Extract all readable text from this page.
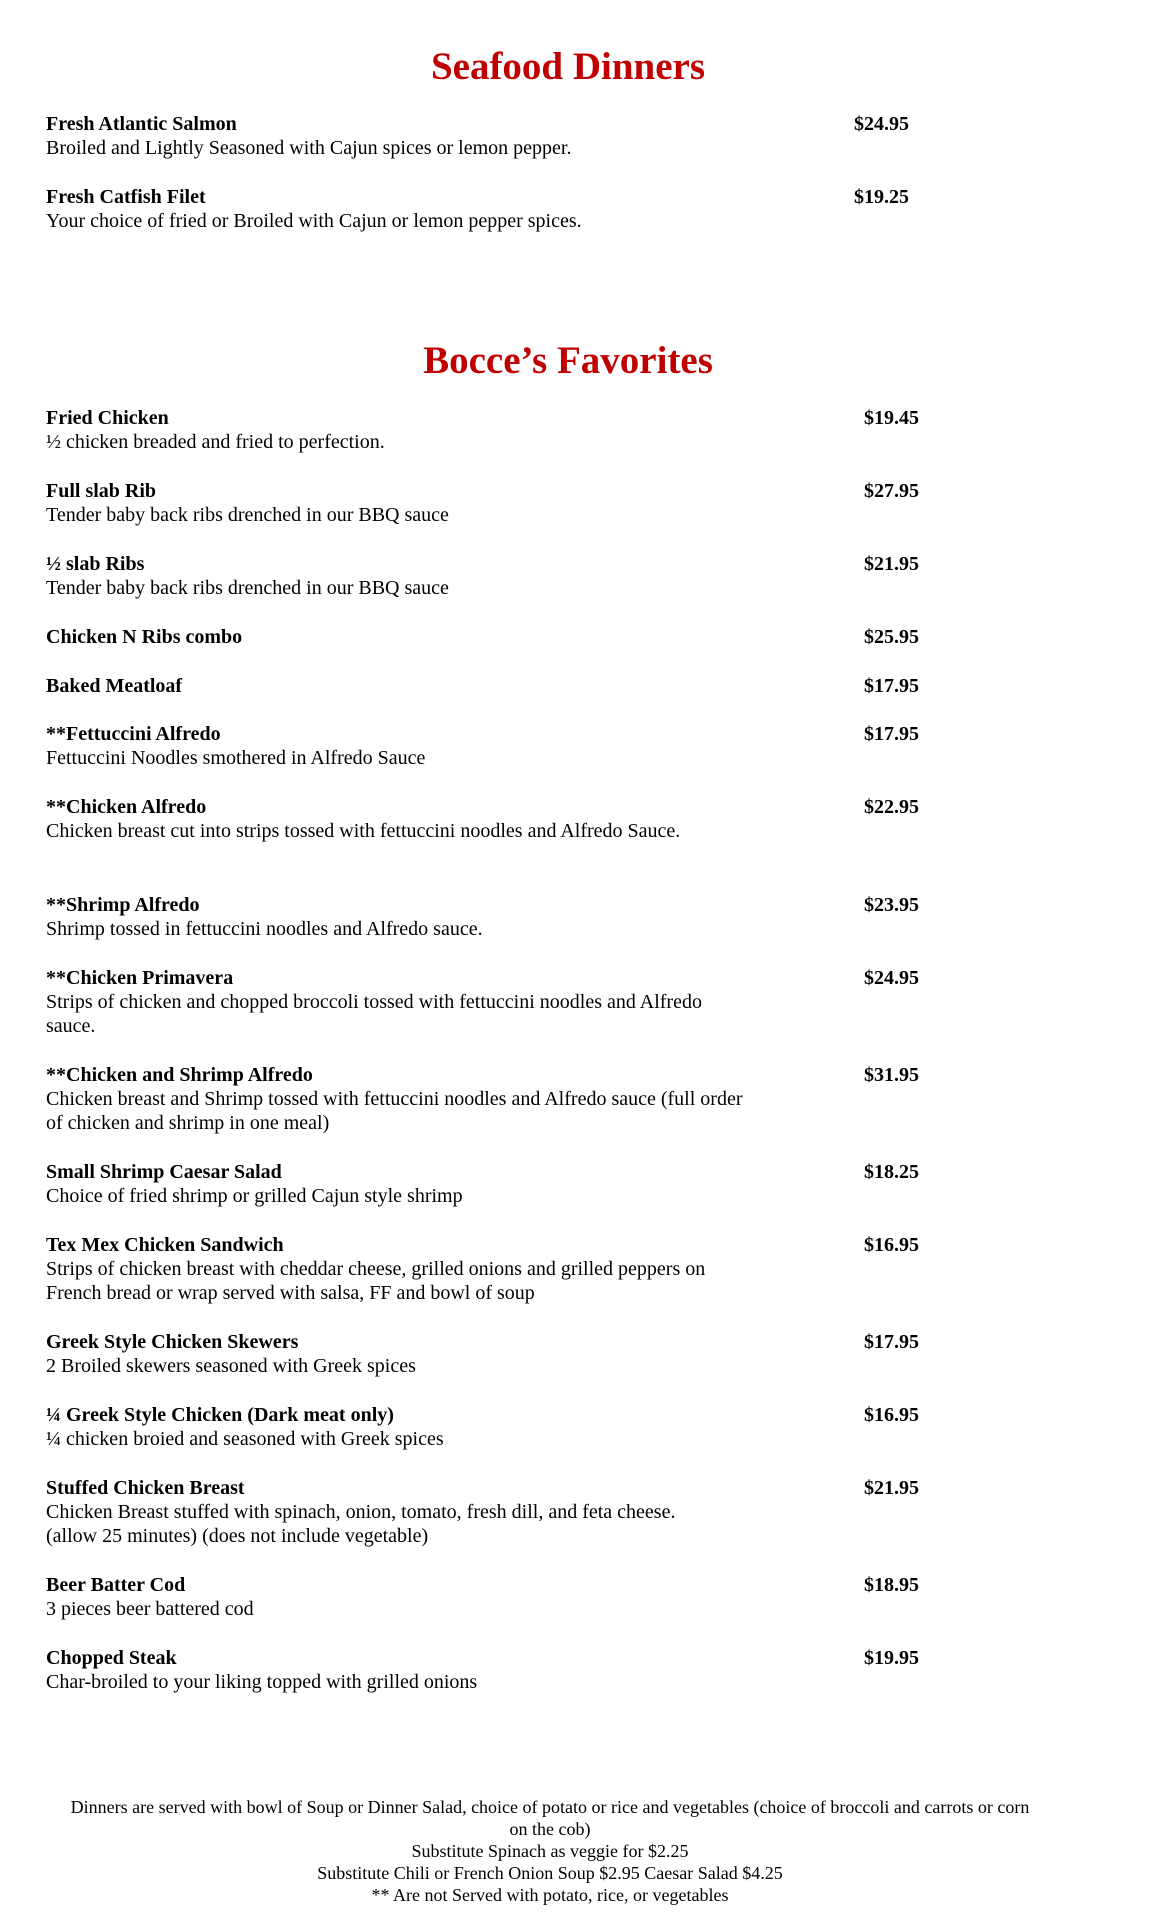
Seafood Dinners
Fresh Atlantic Salmon
Broiled and Lightly Seasoned with Cajun spices or lemon pepper.
$24.95
Fresh Catfish Filet
Your choice of fried or Broiled with Cajun or lemon pepper spices.
$19.25
Bocce’s Favorites
Fried Chicken
½ chicken breaded and fried to perfection.
$19.45
Full slab Rib
Tender baby back ribs drenched in our BBQ sauce
$27.95
½ slab Ribs
Tender baby back ribs drenched in our BBQ sauce
$21.95
Chicken N Ribs combo	$25.95
Baked Meatloaf	$17.95
**Fettuccini Alfredo
Fettuccini Noodles smothered in Alfredo Sauce
$17.95
**Chicken Alfredo
Chicken breast cut into strips tossed with fettuccini noodles and Alfredo Sauce.
$22.95
**Shrimp Alfredo
Shrimp tossed in fettuccini noodles and Alfredo sauce.
$23.95
**Chicken Primavera
Strips of chicken and chopped broccoli tossed with fettuccini noodles and Alfredo sauce.
$24.95
**Chicken and Shrimp Alfredo
Chicken breast and Shrimp tossed with fettuccini noodles and Alfredo sauce (full order of chicken and shrimp in one meal)
$31.95
Small Shrimp Caesar Salad
Choice of fried shrimp or grilled Cajun style shrimp
$18.25
Tex Mex Chicken Sandwich
Strips of chicken breast with cheddar cheese, grilled onions and grilled peppers on French bread or wrap served with salsa, FF and bowl of soup
$16.95
Greek Style Chicken Skewers
2 Broiled skewers seasoned with Greek spices
$17.95
¼ Greek Style Chicken (Dark meat only)
¼ chicken broied and seasoned with Greek spices
$16.95
Stuffed Chicken Breast
Chicken Breast stuffed with spinach, onion, tomato, fresh dill, and feta cheese. (allow 25 minutes) (does not include vegetable)
$21.95
Beer Batter Cod
3 pieces beer battered cod
$18.95
Chopped Steak
Char-broiled to your liking topped with grilled onions
$19.95
Dinners are served with bowl of Soup or Dinner Salad, choice of potato or rice and vegetables (choice of broccoli and carrots or corn on the cob)
Substitute Spinach as veggie for $2.25
Substitute Chili or French Onion Soup $2.95 Caesar Salad $4.25
** Are not Served with potato, rice, or vegetables
